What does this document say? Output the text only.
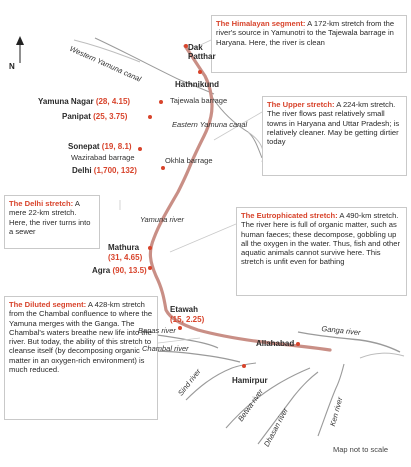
N
The Himalayan segment: A 172-km stretch from the river's source in Yamunotri to the Tajewala barrage in Haryana. Here, the river is clean
The Upper stretch: A 224-km stretch. The river flows past relatively small towns in Haryana and Uttar Pradesh; is relatively cleaner. May be getting dirtier today
The Delhi stretch: A mere 22-km stretch. Here, the river turns into a sewer
The Eutrophicated stretch: A 490-km stretch. The river here is full of organic matter, such as human faeces; these decompose, gobbling up all the oxygen in the water. Thus, fish and other aquatic animals cannot survive here. This stretch is unfit even for bathing
The Diluted segment: A 428-km stretch from the Chambal confluence to where the Yamuna merges with the Ganga. The Chambal's waters breathe new life into the river. But today, the ability of this stretch to cleanse itself (by decomposing organic matter in an oxygen-rich environment) is much reduced.
Dak
Patthar
Hathnikund
Yamuna Nagar (28, 4.15)
Panipat (25, 3.75)
Sonepat (19, 8.1)
Delhi (1,700, 132)
Mathura
(31, 4.65)
Agra (90, 13.5)
Etawah
(15, 2.25)
Allahabad
Hamirpur
Western Yamuna canal
Tajewala barrage
Eastern Yamuna canal
Wazirabad barrage	Okhla barrage
Yamuna river
Ganga river
Banas river
Chambal river
Sind river
Betwa river
Dhasan river	Ken river
Map not to scale
